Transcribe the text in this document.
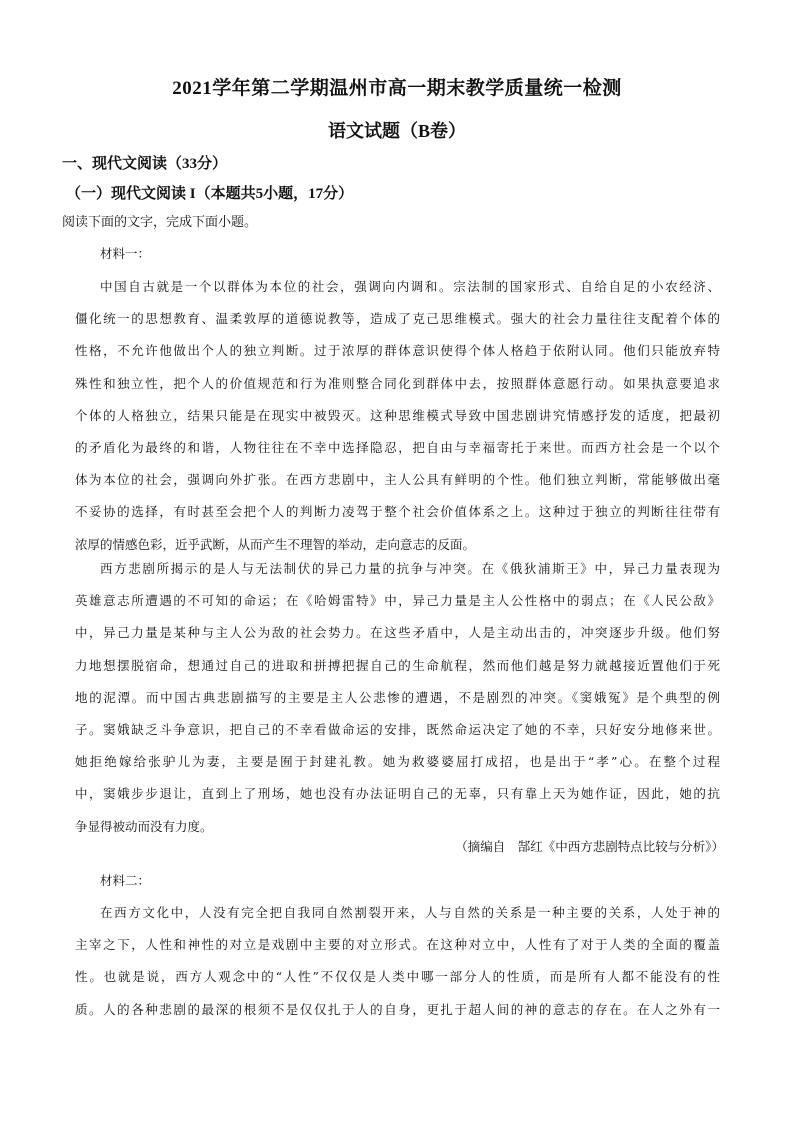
2021学年第二学期温州市高一期末教学质量统一检测
语文试题（B卷）
一、现代文阅读（33分）
（一）现代文阅读 I（本题共5小题，17分）
阅读下面的文字，完成下面小题。
材料一：
中国自古就是一个以群体为本位的社会，强调向内调和。宗法制的国家形式、自给自足的小农经济、
僵化统一的思想教育、温柔敦厚的道德说教等，造成了克己思维模式。强大的社会力量往往支配着个体的
性格，不允许他做出个人的独立判断。过于浓厚的群体意识使得个体人格趋于依附认同。他们只能放弃特
殊性和独立性，把个人的价值规范和行为准则整合同化到群体中去，按照群体意愿行动。如果执意要追求
个体的人格独立，结果只能是在现实中被毁灭。这种思维模式导致中国悲剧讲究情感抒发的适度，把最初
的矛盾化为最终的和谐，人物往往在不幸中选择隐忍，把自由与幸福寄托于来世。而西方社会是一个以个
体为本位的社会，强调向外扩张。在西方悲剧中，主人公具有鲜明的个性。他们独立判断，常能够做出毫
不妥协的选择，有时甚至会把个人的判断力凌驾于整个社会价值体系之上。这种过于独立的判断往往带有
浓厚的情感色彩，近乎武断，从而产生不理智的举动，走向意志的反面。
西方悲剧所揭示的是人与无法制伏的异己力量的抗争与冲突。在《俄狄浦斯王》中，异己力量表现为
英雄意志所遭遇的不可知的命运；在《哈姆雷特》中，异己力量是主人公性格中的弱点；在《人民公敌》
中，异己力量是某种与主人公为敌的社会势力。在这些矛盾中，人是主动出击的，冲突逐步升级。他们努
力地想摆脱宿命，想通过自己的进取和拼搏把握自己的生命航程，然而他们越是努力就越接近置他们于死
地的泥潭。而中国古典悲剧描写的主要是主人公悲惨的遭遇，不是剧烈的冲突。《窦娥冤》是个典型的例
子。窦娥缺乏斗争意识，把自己的不幸看做命运的安排，既然命运决定了她的不幸，只好安分地修来世。
她拒绝嫁给张驴儿为妻，主要是囿于封建礼教。她为救婆婆屈打成招，也是出于“孝”心。在整个过程
中，窦娥步步退让，直到上了刑场，她也没有办法证明自己的无辜，只有靠上天为她作证，因此，她的抗
争显得被动而没有力度。
（摘编自　郜红《中西方悲剧特点比较与分析》）
材料二：
在西方文化中，人没有完全把自我同自然割裂开来，人与自然的关系是一种主要的关系，人处于神的
主宰之下，人性和神性的对立是戏剧中主要的对立形式。在这种对立中，人性有了对于人类的全面的覆盖
性。也就是说，西方人观念中的“人性”不仅仅是人类中哪一部分人的性质，而是所有人都不能没有的性
质。人的各种悲剧的最深的根须不是仅仅扎于人的自身，更扎于超人间的神的意志的存在。在人之外有一
